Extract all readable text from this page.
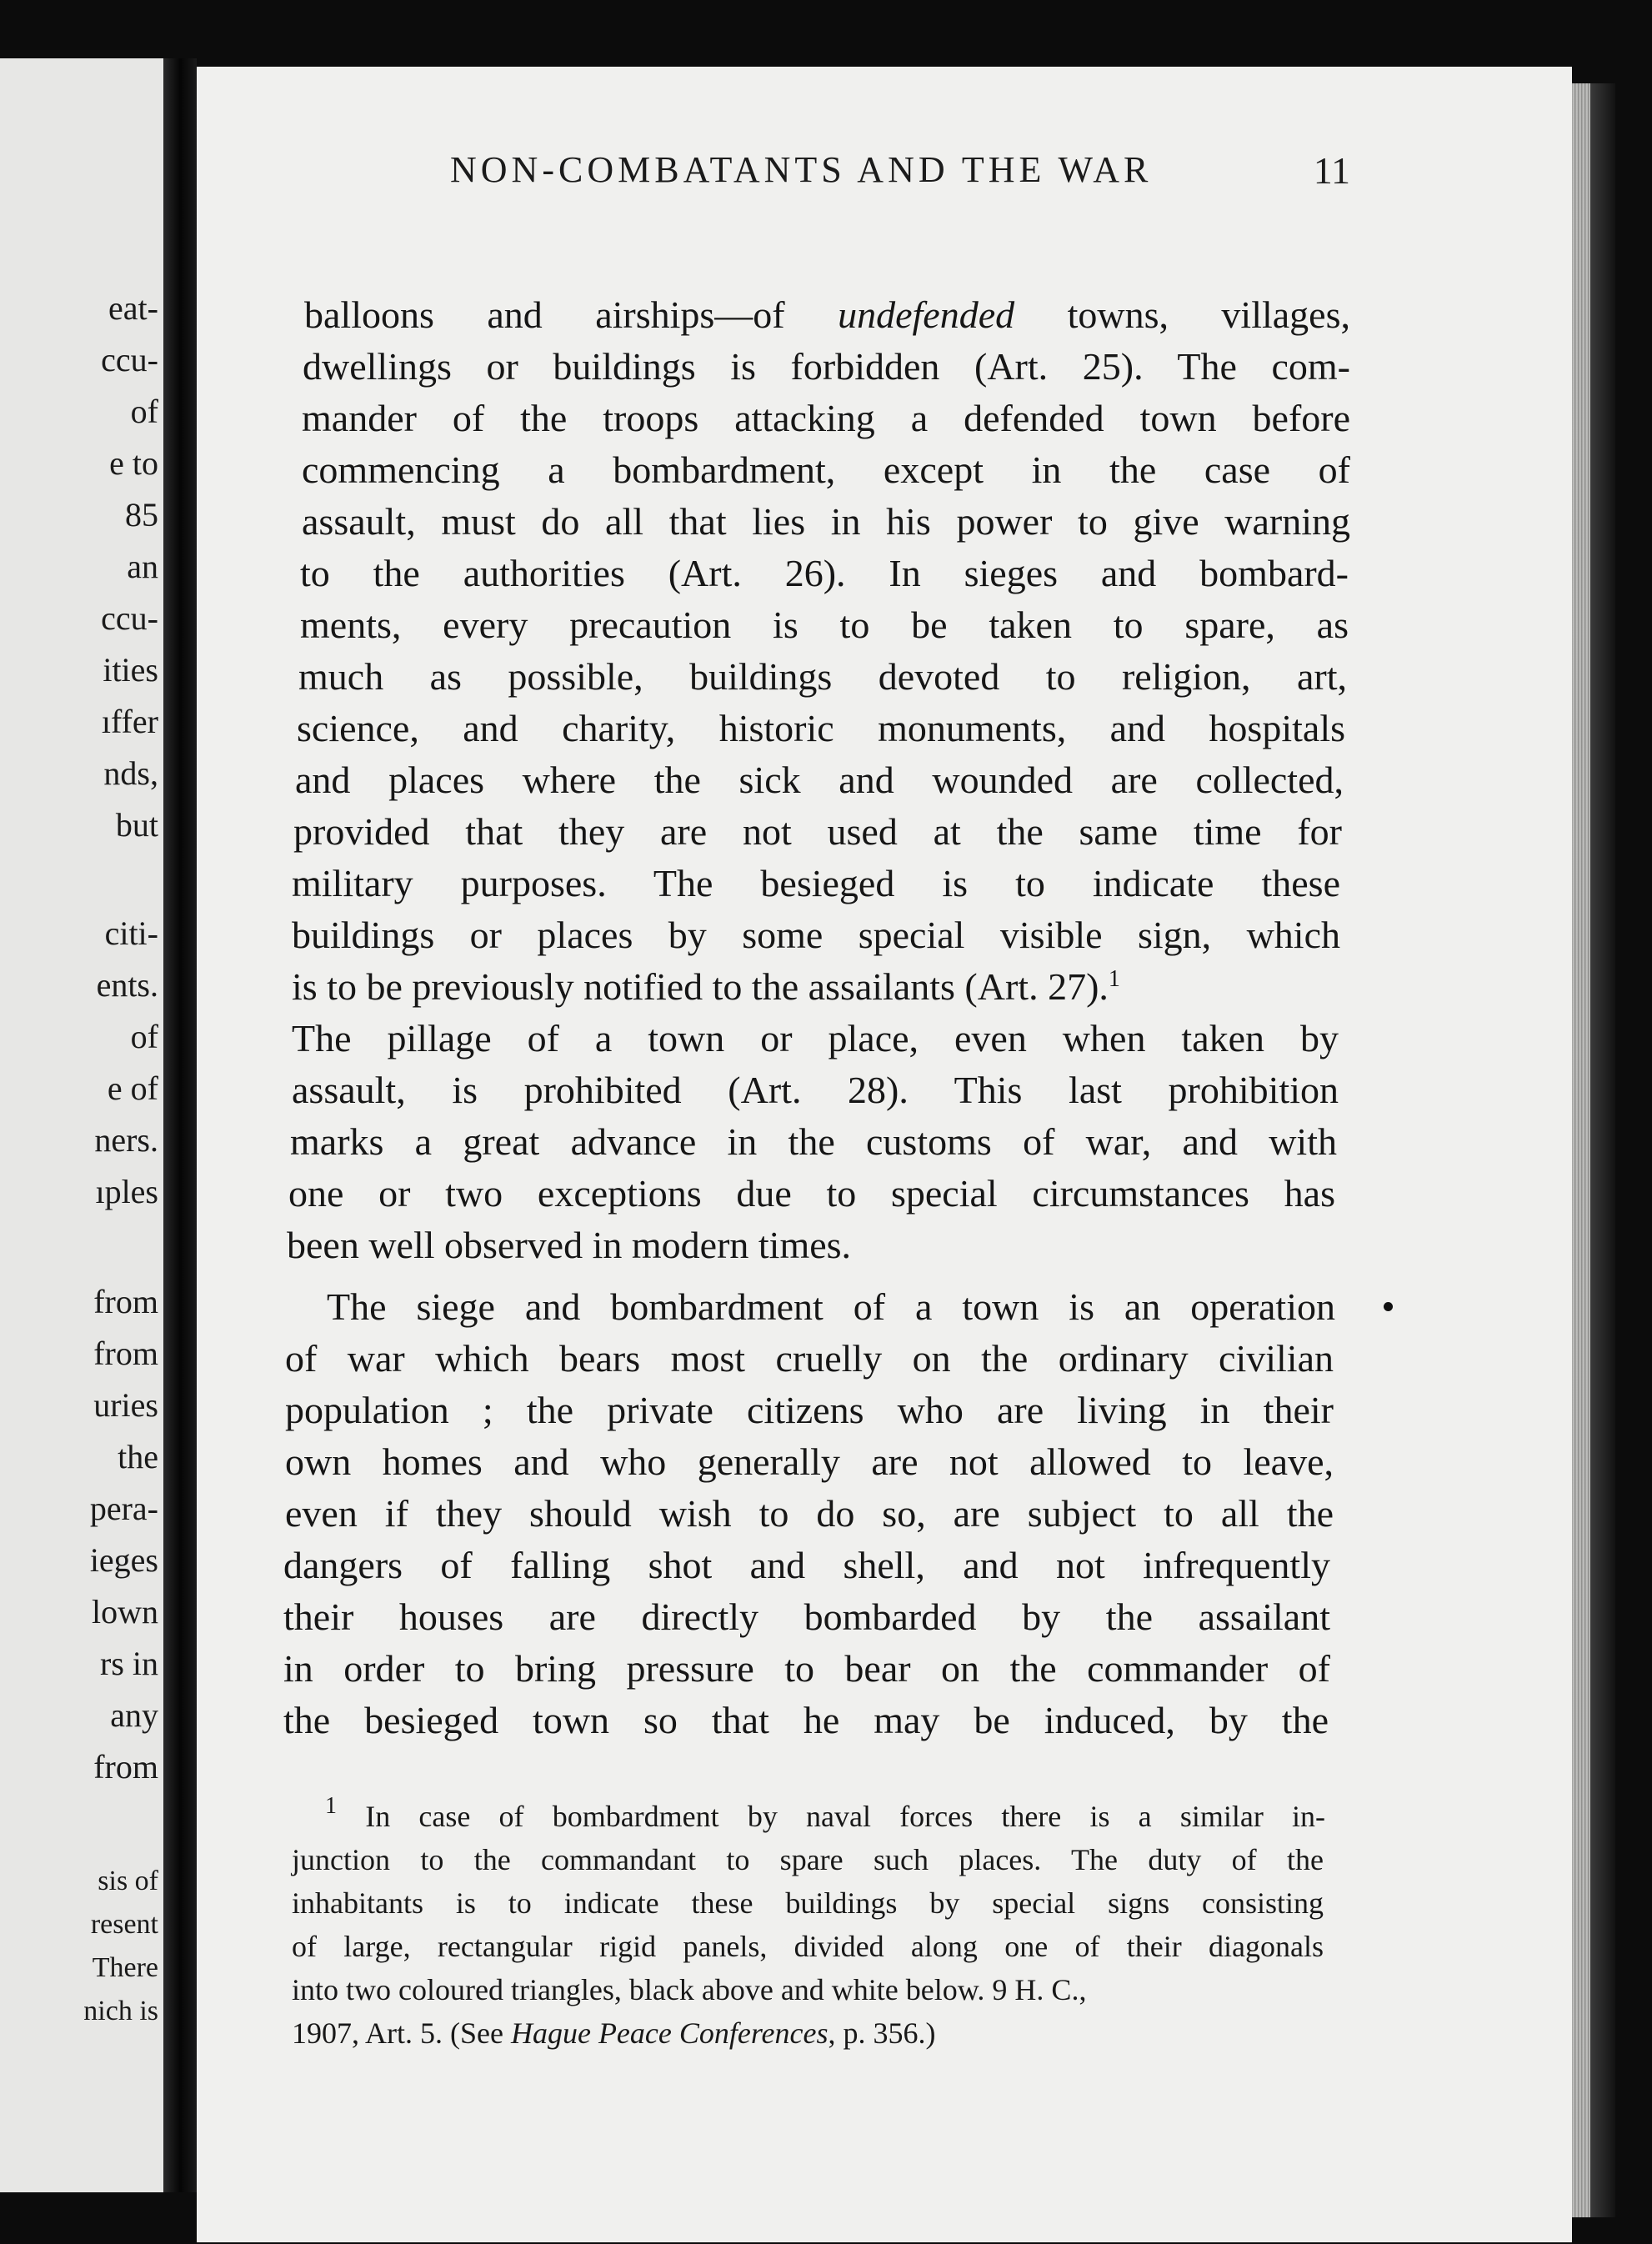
eat-
ccu-
of
e to
85
an
ccu-
ities
ıffer
nds,
but
citi-
ents.
of
e of
ners.
ıples
from
from
uries
the
pera-
ieges
lown
rs in
any
from
sis of
resent
There
nich is
NON-COMBATANTS AND THE WAR	11
balloons and airships—of undefended towns, villages,
dwellings or buildings is forbidden (Art. 25). The com-
mander of the troops attacking a defended town before
commencing a bombardment, except in the case of
assault, must do all that lies in his power to give warning
to the authorities (Art. 26). In sieges and bombard-
ments, every precaution is to be taken to spare, as
much as possible, buildings devoted to religion, art,
science, and charity, historic monuments, and hospitals
and places where the sick and wounded are collected,
provided that they are not used at the same time for
military purposes. The besieged is to indicate these
buildings or places by some special visible sign, which
is to be previously notified to the assailants (Art. 27).$^1$
The pillage of a town or place, even when taken by
assault, is prohibited (Art. 28). This last prohibition
marks a great advance in the customs of war, and with
one or two exceptions due to special circumstances has
been well observed in modern times.
The siege and bombardment of a town is an operation
of war which bears most cruelly on the ordinary civilian
population ; the private citizens who are living in their
own homes and who generally are not allowed to leave,
even if they should wish to do so, are subject to all the
dangers of falling shot and shell, and not infrequently
their houses are directly bombarded by the assailant
in order to bring pressure to bear on the commander of
the besieged town so that he may be induced, by the
$^1$ In case of bombardment by naval forces there is a similar in-
junction to the commandant to spare such places. The duty of the
inhabitants is to indicate these buildings by special signs consisting
of large, rectangular rigid panels, divided along one of their diagonals
into two coloured triangles, black above and white below. 9 H. C.,
1907, Art. 5. (See Hague Peace Conferences, p. 356.)
